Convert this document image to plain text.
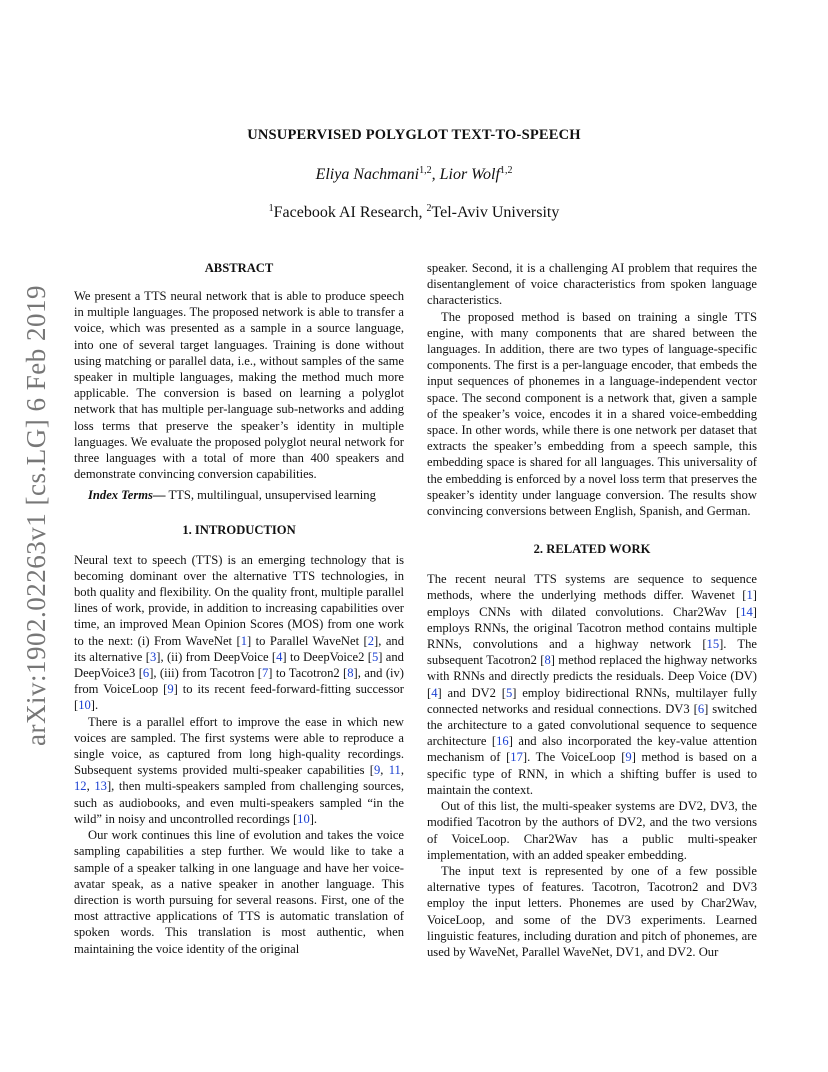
arXiv:1902.02263v1 [cs.LG] 6 Feb 2019
UNSUPERVISED POLYGLOT TEXT-TO-SPEECH
Eliya Nachmani$^{1,2}$, Lior Wolf$^{1,2}$
$^1$Facebook AI Research, $^2$Tel-Aviv University

ABSTRACT

We present a TTS neural network that is able to produce speech in multiple languages. The proposed network is able to transfer a voice, which was presented as a sample in a source language, into one of several target languages. Training is done without using matching or parallel data, i.e., without samples of the same speaker in multiple languages, making the method much more applicable. The conversion is based on learning a polyglot network that has multiple per-language sub-networks and adding loss terms that preserve the speaker’s identity in multiple languages. We evaluate the proposed polyglot neural network for three languages with a total of more than 400 speakers and demonstrate convincing conversion capabilities.

Index Terms— TTS, multilingual, unsupervised learning

1. INTRODUCTION

Neural text to speech (TTS) is an emerging technology that is becoming dominant over the alternative TTS technologies, in both quality and flexibility. On the quality front, multiple parallel lines of work, provide, in addition to increasing capabilities over time, an improved Mean Opinion Scores (MOS) from one work to the next: (i) From WaveNet [1] to Parallel WaveNet [2], and its alternative [3], (ii) from DeepVoice [4] to DeepVoice2 [5] and DeepVoice3 [6], (iii) from Tacotron [7] to Tacotron2 [8], and (iv) from VoiceLoop [9] to its recent feed-forward-fitting successor [10].

There is a parallel effort to improve the ease in which new voices are sampled. The first systems were able to reproduce a single voice, as captured from long high-quality recordings. Subsequent systems provided multi-speaker capabilities [9, 11, 12, 13], then multi-speakers sampled from challenging sources, such as audiobooks, and even multi-speakers sampled “in the wild” in noisy and uncontrolled recordings [10].

Our work continues this line of evolution and takes the voice sampling capabilities a step further. We would like to take a sample of a speaker talking in one language and have her voice-avatar speak, as a native speaker in another language. This direction is worth pursuing for several reasons. First, one of the most attractive applications of TTS is automatic translation of spoken words. This translation is most authentic, when maintaining the voice identity of the original

speaker. Second, it is a challenging AI problem that requires the disentanglement of voice characteristics from spoken language characteristics.

The proposed method is based on training a single TTS engine, with many components that are shared between the languages. In addition, there are two types of language-specific components. The first is a per-language encoder, that embeds the input sequences of phonemes in a language-independent vector space. The second component is a network that, given a sample of the speaker’s voice, encodes it in a shared voice-embedding space. In other words, while there is one network per dataset that extracts the speaker’s embedding from a speech sample, this embedding space is shared for all languages. This universality of the embedding is enforced by a novel loss term that preserves the speaker’s identity under language conversion. The results show convincing conversions between English, Spanish, and German.

2. RELATED WORK

The recent neural TTS systems are sequence to sequence methods, where the underlying methods differ. Wavenet [1] employs CNNs with dilated convolutions. Char2Wav [14] employs RNNs, the original Tacotron method contains multiple RNNs, convolutions and a highway network [15]. The subsequent Tacotron2 [8] method replaced the highway networks with RNNs and directly predicts the residuals. Deep Voice (DV) [4] and DV2 [5] employ bidirectional RNNs, multilayer fully connected networks and residual connections. DV3 [6] switched the architecture to a gated convolutional sequence to sequence architecture [16] and also incorporated the key-value attention mechanism of [17]. The VoiceLoop [9] method is based on a specific type of RNN, in which a shifting buffer is used to maintain the context.

Out of this list, the multi-speaker systems are DV2, DV3, the modified Tacotron by the authors of DV2, and the two versions of VoiceLoop. Char2Wav has a public multi-speaker implementation, with an added speaker embedding.

The input text is represented by one of a few possible alternative types of features. Tacotron, Tacotron2 and DV3 employ the input letters. Phonemes are used by Char2Wav, VoiceLoop, and some of the DV3 experiments. Learned linguistic features, including duration and pitch of phonemes, are used by WaveNet, Parallel WaveNet, DV1, and DV2. Our
